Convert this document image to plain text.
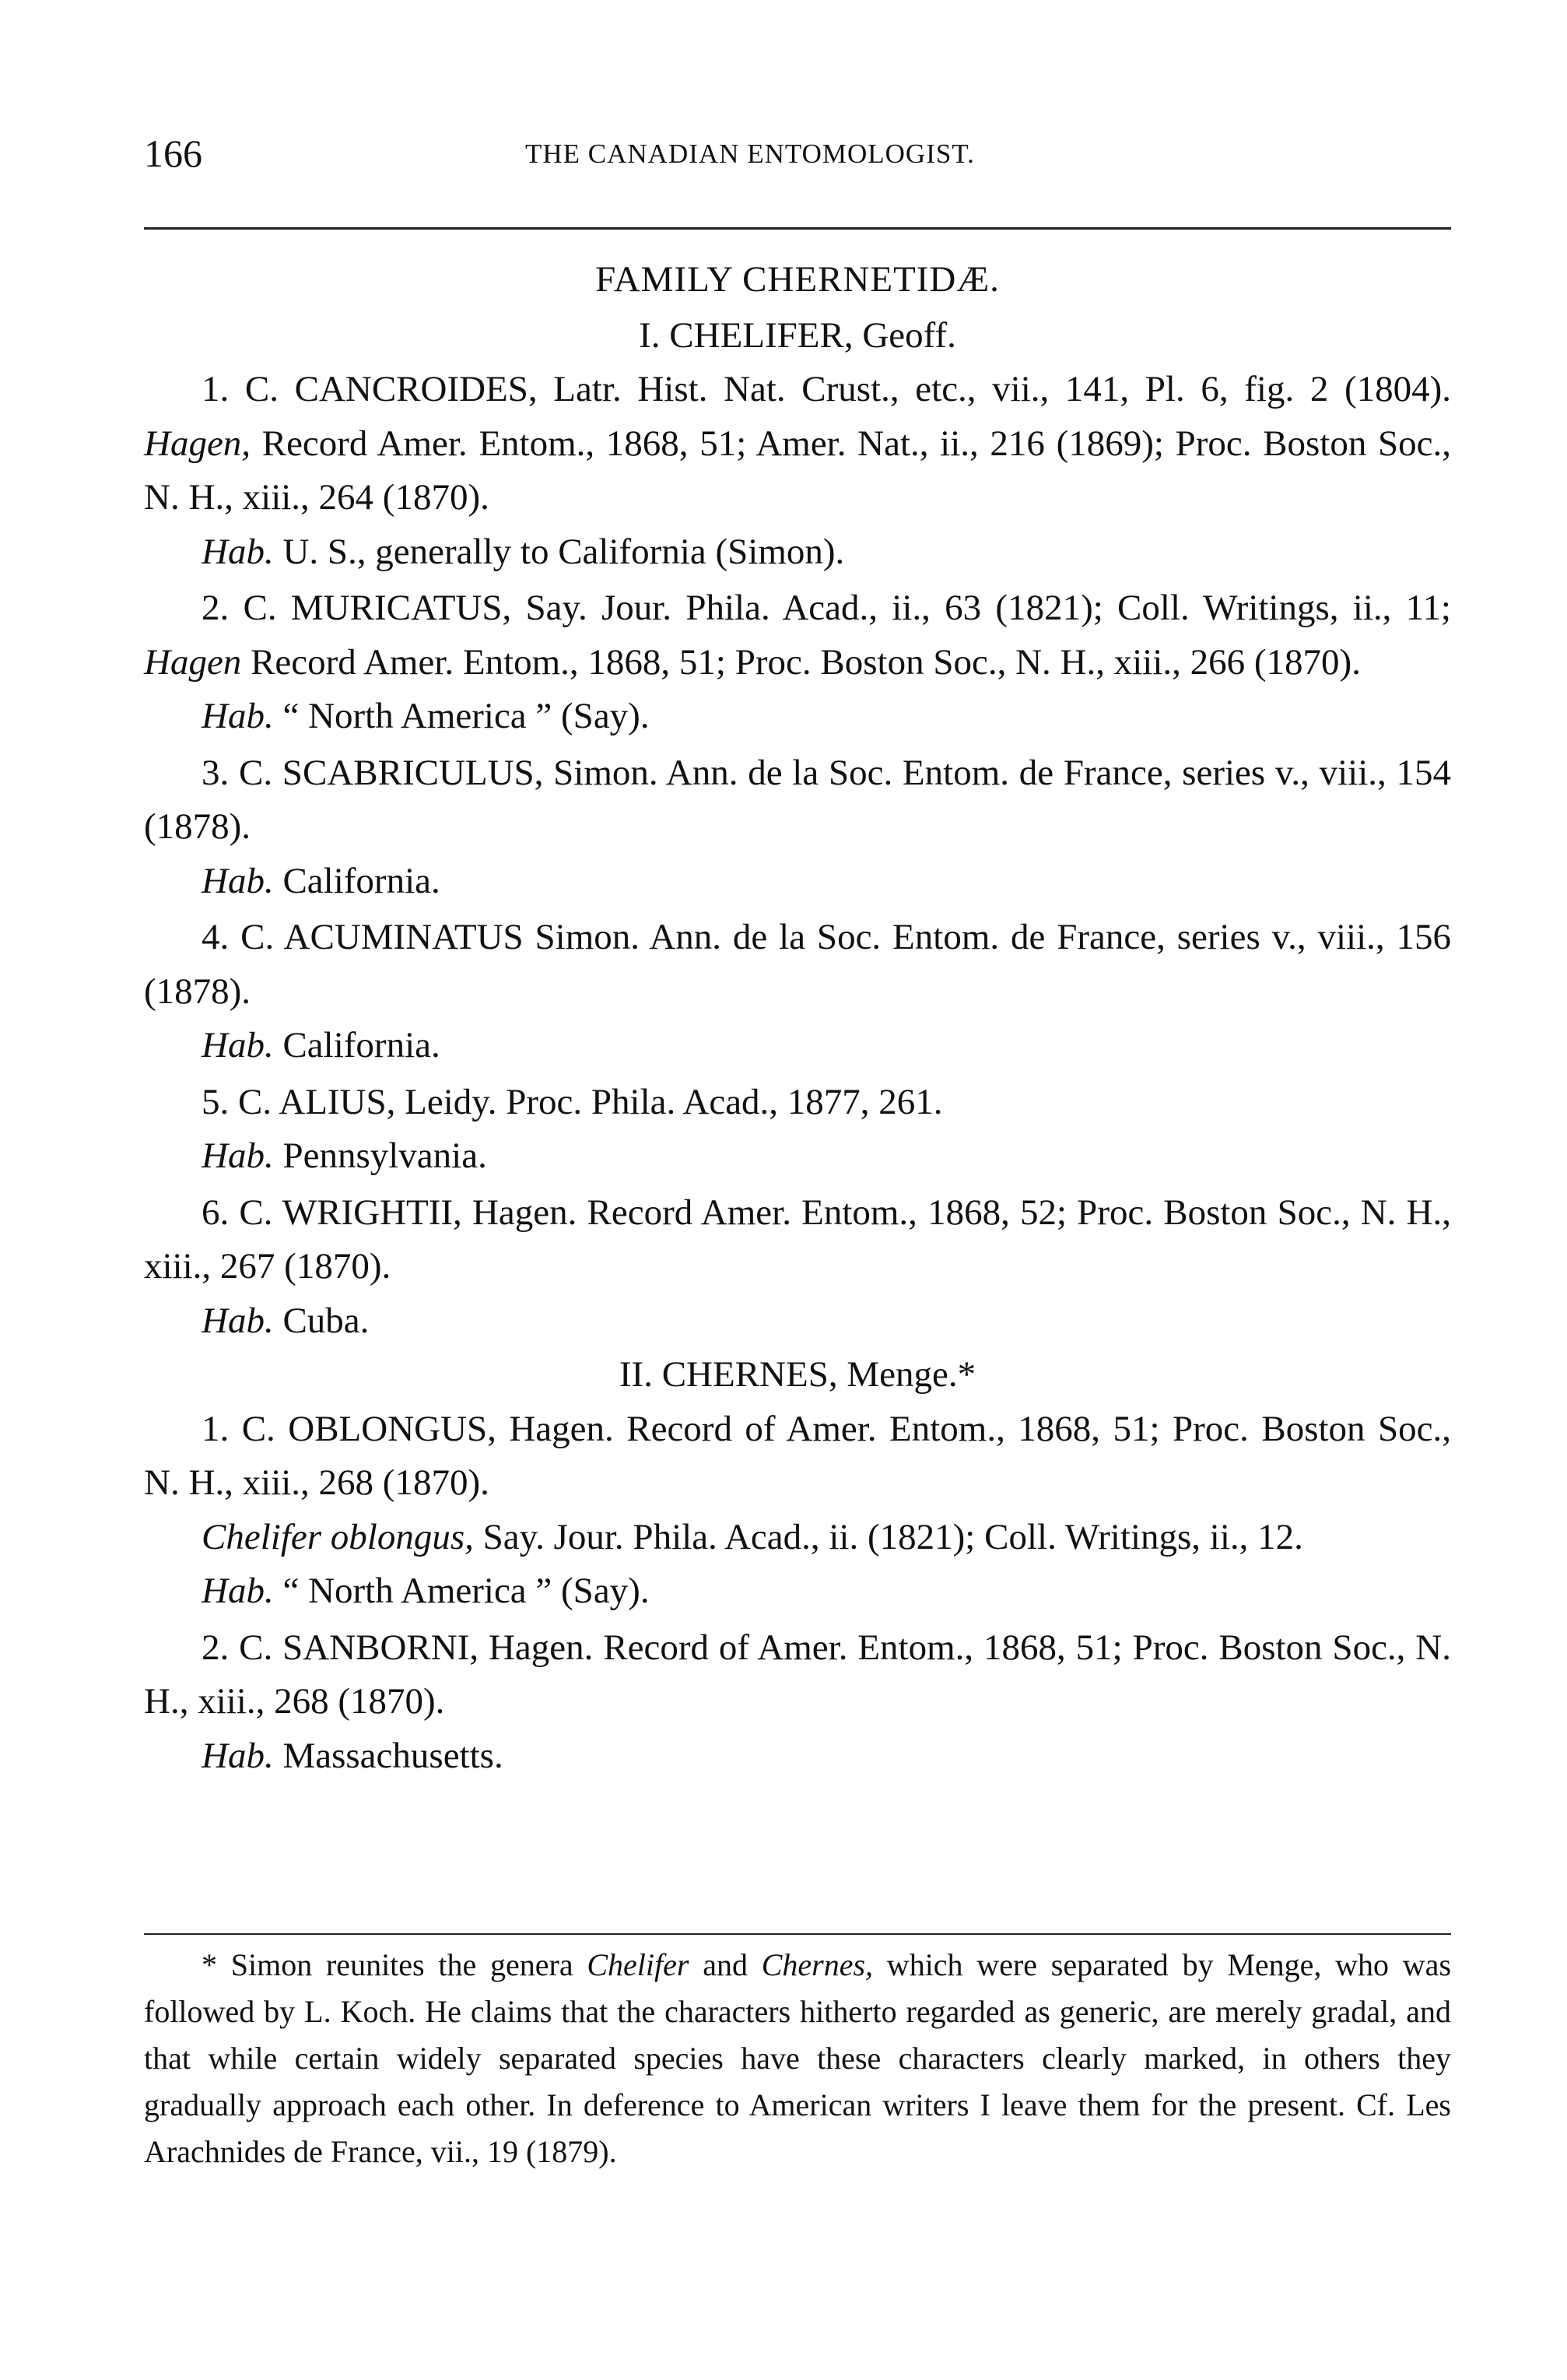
166	THE CANADIAN ENTOMOLOGIST.
FAMILY CHERNETIDÆ.

I. CHELIFER, Geoff.

1. C. CANCROIDES, Latr. Hist. Nat. Crust., etc., vii., 141, Pl. 6, fig. 2 (1804). Hagen, Record Amer. Entom., 1868, 51; Amer. Nat., ii., 216 (1869); Proc. Boston Soc., N. H., xiii., 264 (1870).

Hab. U. S., generally to California (Simon).

2. C. MURICATUS, Say. Jour. Phila. Acad., ii., 63 (1821); Coll. Writings, ii., 11; Hagen Record Amer. Entom., 1868, 51; Proc. Boston Soc., N. H., xiii., 266 (1870).

Hab. “ North America ” (Say).

3. C. SCABRICULUS, Simon. Ann. de la Soc. Entom. de France, series v., viii., 154 (1878).

Hab. California.

4. C. ACUMINATUS Simon. Ann. de la Soc. Entom. de France, series v., viii., 156 (1878).

Hab. California.

5. C. ALIUS, Leidy. Proc. Phila. Acad., 1877, 261.

Hab. Pennsylvania.

6. C. WRIGHTII, Hagen. Record Amer. Entom., 1868, 52; Proc. Boston Soc., N. H., xiii., 267 (1870).

Hab. Cuba.

II. CHERNES, Menge.*

1. C. OBLONGUS, Hagen. Record of Amer. Entom., 1868, 51; Proc. Boston Soc., N. H., xiii., 268 (1870).

Chelifer oblongus, Say. Jour. Phila. Acad., ii. (1821); Coll. Writings, ii., 12.

Hab. “ North America ” (Say).

2. C. SANBORNI, Hagen. Record of Amer. Entom., 1868, 51; Proc. Boston Soc., N. H., xiii., 268 (1870).

Hab. Massachusetts.

* Simon reunites the genera Chelifer and Chernes, which were separated by Menge, who was followed by L. Koch. He claims that the characters hitherto regarded as generic, are merely gradal, and that while certain widely separated species have these characters clearly marked, in others they gradually approach each other. In deference to American writers I leave them for the present. Cf. Les Arachnides de France, vii., 19 (1879).
